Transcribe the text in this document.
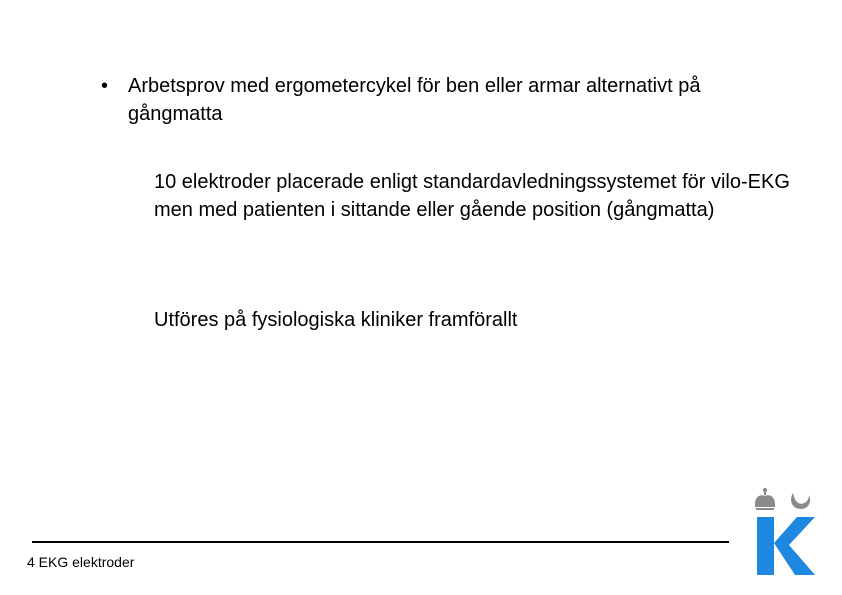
• Arbetsprov med ergometercykel för ben eller armar alternativt på gångmatta
10 elektroder placerade enligt standardavledningssystemet för vilo-EKG men med patienten i sittande eller gående position (gångmatta)
Utföres på fysiologiska kliniker framförallt
4 EKG elektroder
